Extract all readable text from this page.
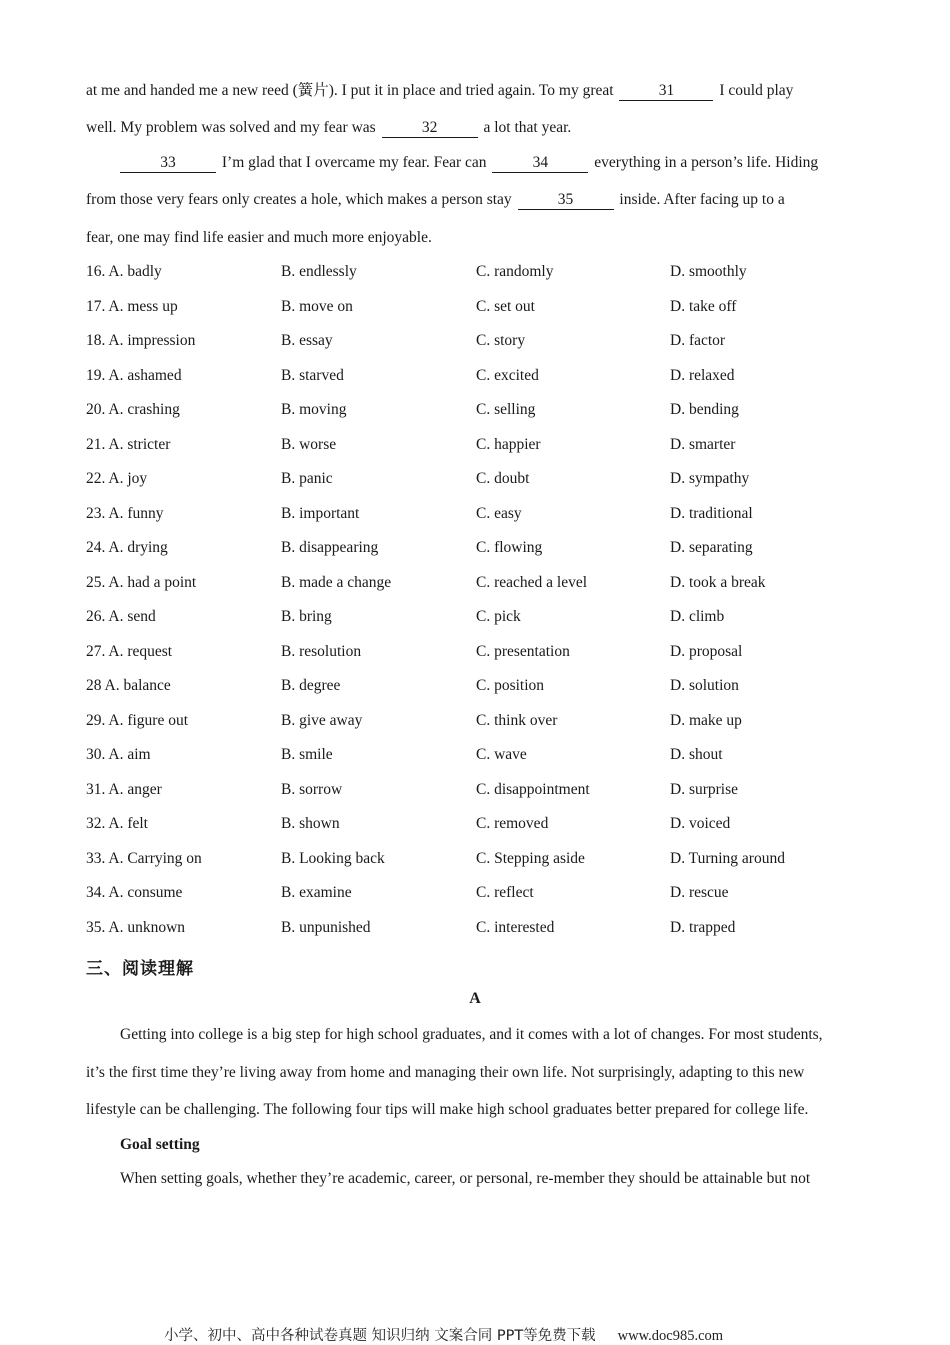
at me and handed me a new reed (簧片). I put it in place and tried again. To my great	31	I could play
well. My problem was solved and my fear was	32	a lot that year.
33	I’m glad that I overcame my fear. Fear can	34	everything in a person’s life. Hiding
from those very fears only creates a hole, which makes a person stay	35	inside. After facing up to a
fear, one may find life easier and much more enjoyable.
16. A. badly	B. endlessly	C. randomly	D. smoothly
17. A. mess up	B. move on	C. set out	D. take off
18. A. impression	B. essay	C. story	D. factor
19. A. ashamed	B. starved	C. excited	D. relaxed
20. A. crashing	B. moving	C. selling	D. bending
21. A. stricter	B. worse	C. happier	D. smarter
22. A. joy	B. panic	C. doubt	D. sympathy
23. A. funny	B. important	C. easy	D. traditional
24. A. drying	B. disappearing	C. flowing	D. separating
25. A. had a point	B. made a change	C. reached a level	D. took a break
26. A. send	B. bring	C. pick	D. climb
27. A. request	B. resolution	C. presentation	D. proposal
28 A. balance	B. degree	C. position	D. solution
29. A. figure out	B. give away	C. think over	D. make up
30. A. aim	B. smile	C. wave	D. shout
31. A. anger	B. sorrow	C. disappointment	D. surprise
32. A. felt	B. shown	C. removed	D. voiced
33. A. Carrying on	B. Looking back	C. Stepping aside	D. Turning around
34. A. consume	B. examine	C. reflect	D. rescue
35. A. unknown	B. unpunished	C. interested	D. trapped
三、阅读理解
A
Getting into college is a big step for high school graduates, and it comes with a lot of changes. For most students,
it’s the first time they’re living away from home and managing their own life. Not surprisingly, adapting to this new
lifestyle can be challenging. The following four tips will make high school graduates better prepared for college life.
Goal setting
When setting goals, whether they’re academic, career, or personal, re-member they should be attainable but not
小学、初中、高中各种试卷真题 知识归纳 文案合同 PPT等免费下载 www.doc985.com
